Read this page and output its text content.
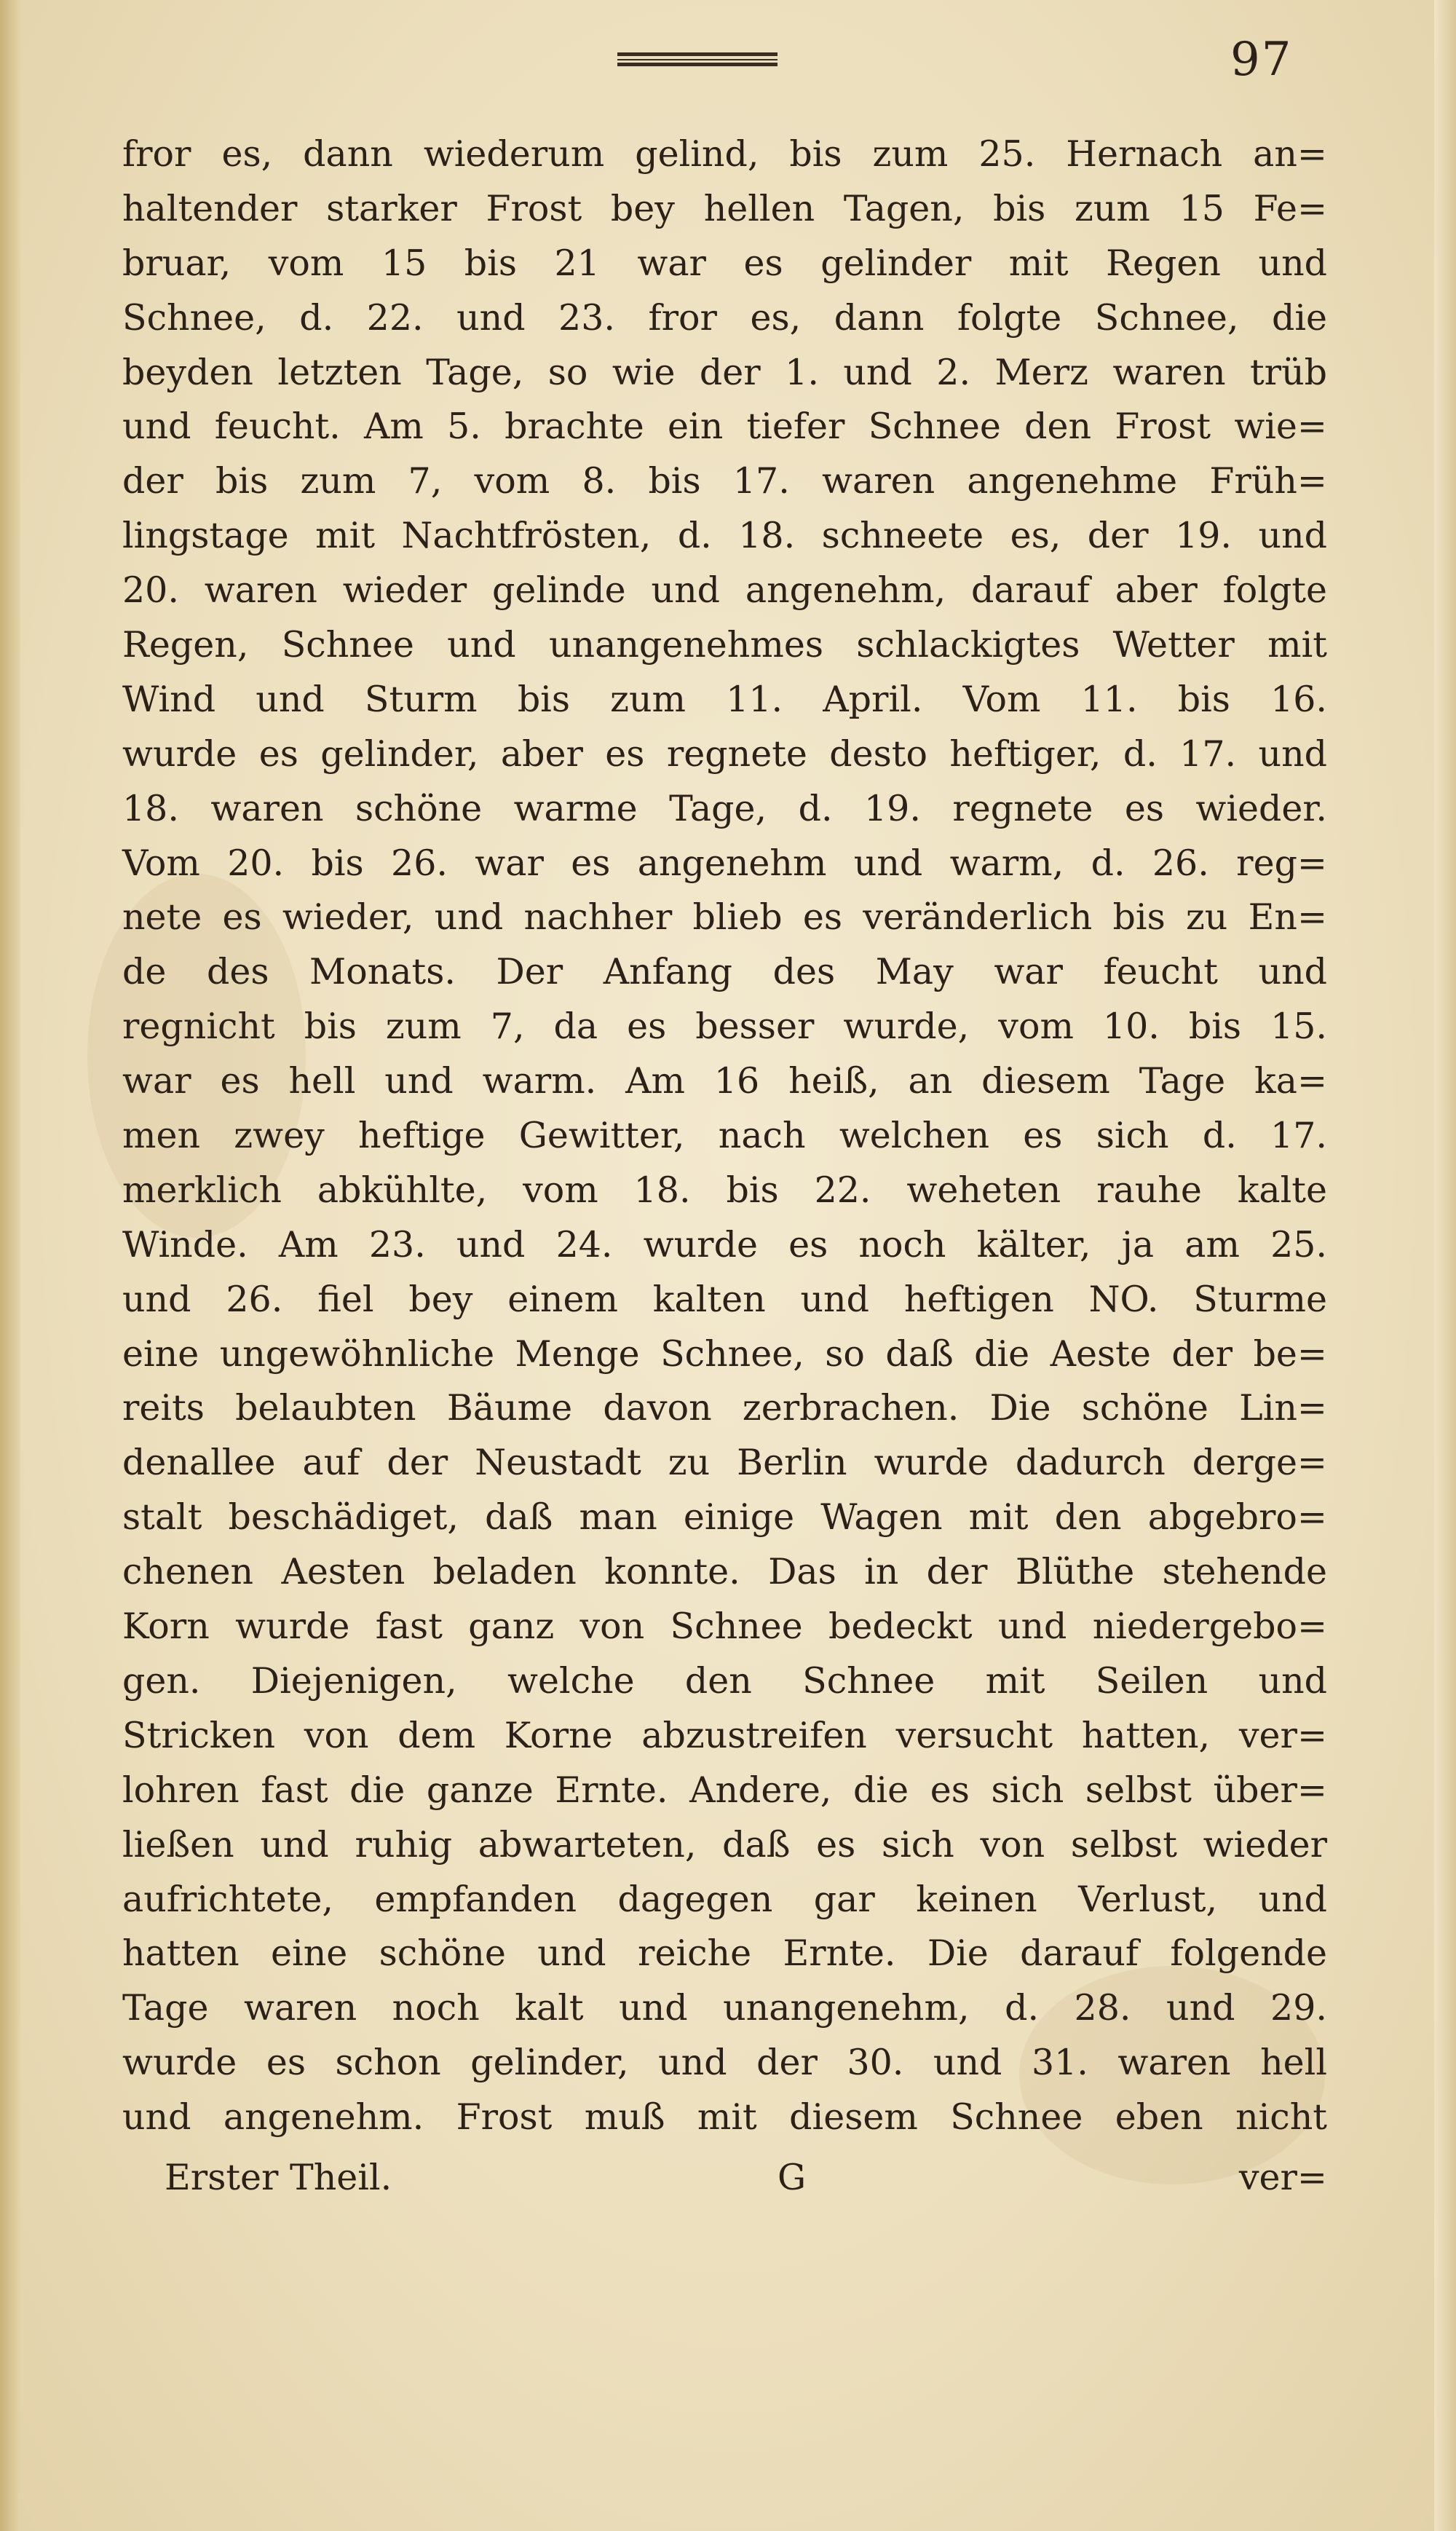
97
fror es, dann wiederum gelind, bis zum 25. Hernach an=
haltender starker Frost bey hellen Tagen, bis zum 15 Fe=
bruar, vom 15 bis 21 war es gelinder mit Regen und
Schnee, d. 22. und 23. fror es, dann folgte Schnee, die
beyden letzten Tage, so wie der 1. und 2. Merz waren trüb
und feucht. Am 5. brachte ein tiefer Schnee den Frost wie=
der bis zum 7, vom 8. bis 17. waren angenehme Früh=
lingstage mit Nachtfrösten, d. 18. schneete es, der 19. und
20. waren wieder gelinde und angenehm, darauf aber folgte
Regen, Schnee und unangenehmes schlackigtes Wetter mit
Wind und Sturm bis zum 11. April. Vom 11. bis 16.
wurde es gelinder, aber es regnete desto heftiger, d. 17. und
18. waren schöne warme Tage, d. 19. regnete es wieder.
Vom 20. bis 26. war es angenehm und warm, d. 26. reg=
nete es wieder, und nachher blieb es veränderlich bis zu En=
de des Monats. Der Anfang des May war feucht und
regnicht bis zum 7, da es besser wurde, vom 10. bis 15.
war es hell und warm. Am 16 heiß, an diesem Tage ka=
men zwey heftige Gewitter, nach welchen es sich d. 17.
merklich abkühlte, vom 18. bis 22. weheten rauhe kalte
Winde. Am 23. und 24. wurde es noch kälter, ja am 25.
und 26. fiel bey einem kalten und heftigen NO. Sturme
eine ungewöhnliche Menge Schnee, so daß die Aeste der be=
reits belaubten Bäume davon zerbrachen. Die schöne Lin=
denallee auf der Neustadt zu Berlin wurde dadurch derge=
stalt beschädiget, daß man einige Wagen mit den abgebro=
chenen Aesten beladen konnte. Das in der Blüthe stehende
Korn wurde fast ganz von Schnee bedeckt und niedergebo=
gen. Diejenigen, welche den Schnee mit Seilen und
Stricken von dem Korne abzustreifen versucht hatten, ver=
lohren fast die ganze Ernte. Andere, die es sich selbst über=
ließen und ruhig abwarteten, daß es sich von selbst wieder
aufrichtete, empfanden dagegen gar keinen Verlust, und
hatten eine schöne und reiche Ernte. Die darauf folgende
Tage waren noch kalt und unangenehm, d. 28. und 29.
wurde es schon gelinder, und der 30. und 31. waren hell
und angenehm. Frost muß mit diesem Schnee eben nicht
Erster Theil.	G	ver=
